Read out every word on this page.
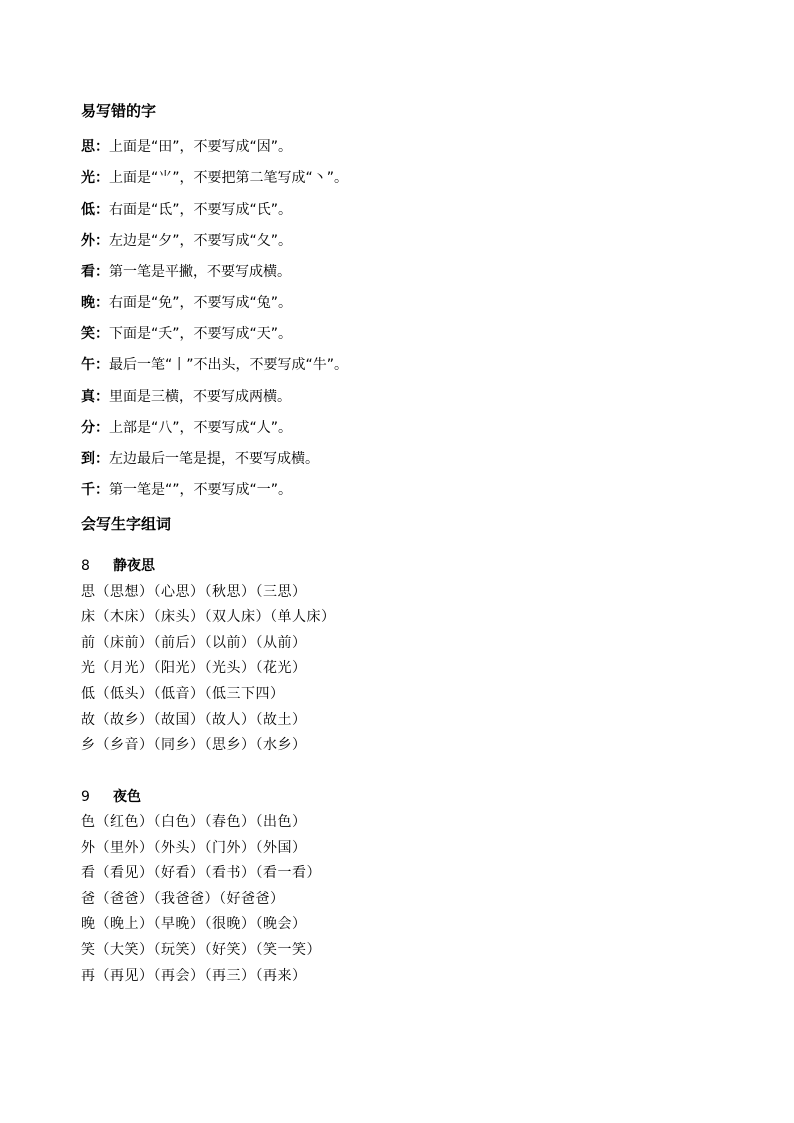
易写错的字
思：上面是“田”，不要写成“因”。
光：上面是“⺌”，不要把第二笔写成“丶”。
低：右面是“氐”，不要写成“氏”。
外：左边是“夕”，不要写成“夂”。
看：第一笔是平撇，不要写成横。
晚：右面是“免”，不要写成“兔”。
笑：下面是“夭”，不要写成“天”。
午：最后一笔“丨”不出头，不要写成“牛”。
真：里面是三横，不要写成两横。
分：上部是“八”，不要写成“人”。
到：左边最后一笔是提，不要写成横。
千：第一笔是“”，不要写成“一”。
会写生字组词
8 静夜思
思（思想）（心思）（秋思）（三思）
床（木床）（床头）（双人床）（单人床）
前（床前）（前后）（以前）（从前）
光（月光）（阳光）（光头）（花光）
低（低头）（低音）（低三下四）
故（故乡）（故国）（故人）（故土）
乡（乡音）（同乡）（思乡）（水乡）
9 夜色
色（红色）（白色）（春色）（出色）
外（里外）（外头）（门外）（外国）
看（看见）（好看）（看书）（看一看）
爸（爸爸）（我爸爸）（好爸爸）
晚（晚上）（早晚）（很晚）（晚会）
笑（大笑）（玩笑）（好笑）（笑一笑）
再（再见）（再会）（再三）（再来）
